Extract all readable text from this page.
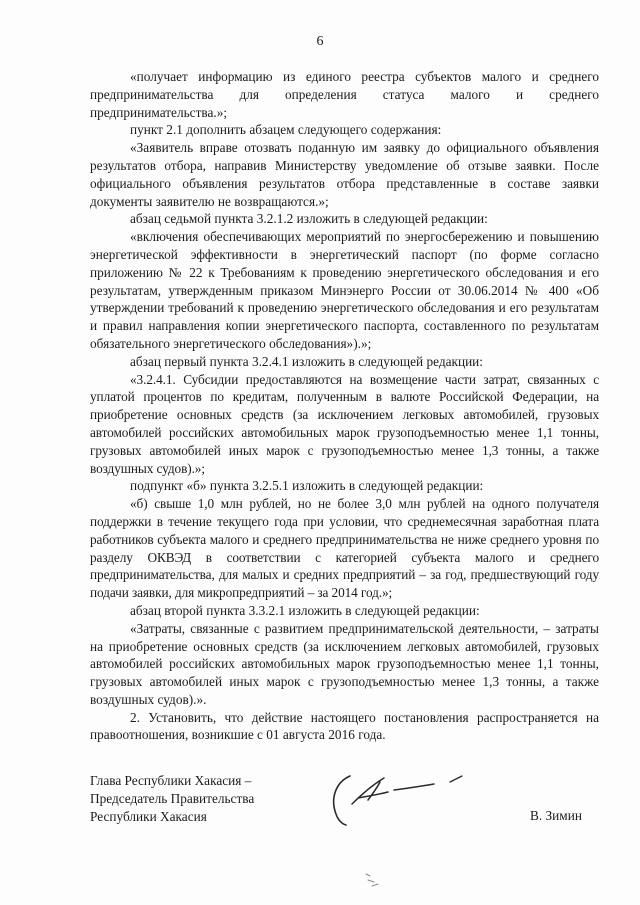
6

«получает информацию из единого реестра субъектов малого и среднего предпринимательства для определения статуса малого и среднего предпринимательства.»;

пункт 2.1 дополнить абзацем следующего содержания:

«Заявитель вправе отозвать поданную им заявку до официального объявления результатов отбора, направив Министерству уведомление об отзыве заявки. После официального объявления результатов отбора представленные в составе заявки документы заявителю не возвращаются.»;

абзац седьмой пункта 3.2.1.2 изложить в следующей редакции:

«включения обеспечивающих мероприятий по энергосбережению и повышению энергетической эффективности в энергетический паспорт (по форме согласно приложению № 22 к Требованиям к проведению энергетического обследования и его результатам, утвержденным приказом Минэнерго России от 30.06.2014 № 400 «Об утверждении требований к проведению энергетического обследования и его результатам и правил направления копии энергетического паспорта, составленного по результатам обязательного энергетического обследования»).»;

абзац первый пункта 3.2.4.1 изложить в следующей редакции:

«3.2.4.1. Субсидии предоставляются на возмещение части затрат, связанных с уплатой процентов по кредитам, полученным в валюте Российской Федерации, на приобретение основных средств (за исключением легковых автомобилей, грузовых автомобилей российских автомобильных марок грузоподъемностью менее 1,1 тонны, грузовых автомобилей иных марок с грузоподъемностью менее 1,3 тонны, а также воздушных судов).»;

подпункт «б» пункта 3.2.5.1 изложить в следующей редакции:

«б) свыше 1,0 млн рублей, но не более 3,0 млн рублей на одного получателя поддержки в течение текущего года при условии, что среднемесячная заработная плата работников субъекта малого и среднего предпринимательства не ниже среднего уровня по разделу ОКВЭД в соответствии с категорией субъекта малого и среднего предпринимательства, для малых и средних предприятий – за год, предшествующий году подачи заявки, для микропредприятий – за 2014 год.»;

абзац второй пункта 3.3.2.1 изложить в следующей редакции:

«Затраты, связанные с развитием предпринимательской деятельности, – затраты на приобретение основных средств (за исключением легковых автомобилей, грузовых автомобилей российских автомобильных марок грузоподъемностью менее 1,1 тонны, грузовых автомобилей иных марок с грузоподъемностью менее 1,3 тонны, а также воздушных судов).».

2. Установить, что действие настоящего постановления распространяется на правоотношения, возникшие с 01 августа 2016 года.

Глава Республики Хакасия –
Председатель Правительства
Республики Хакасия	В. Зимин
